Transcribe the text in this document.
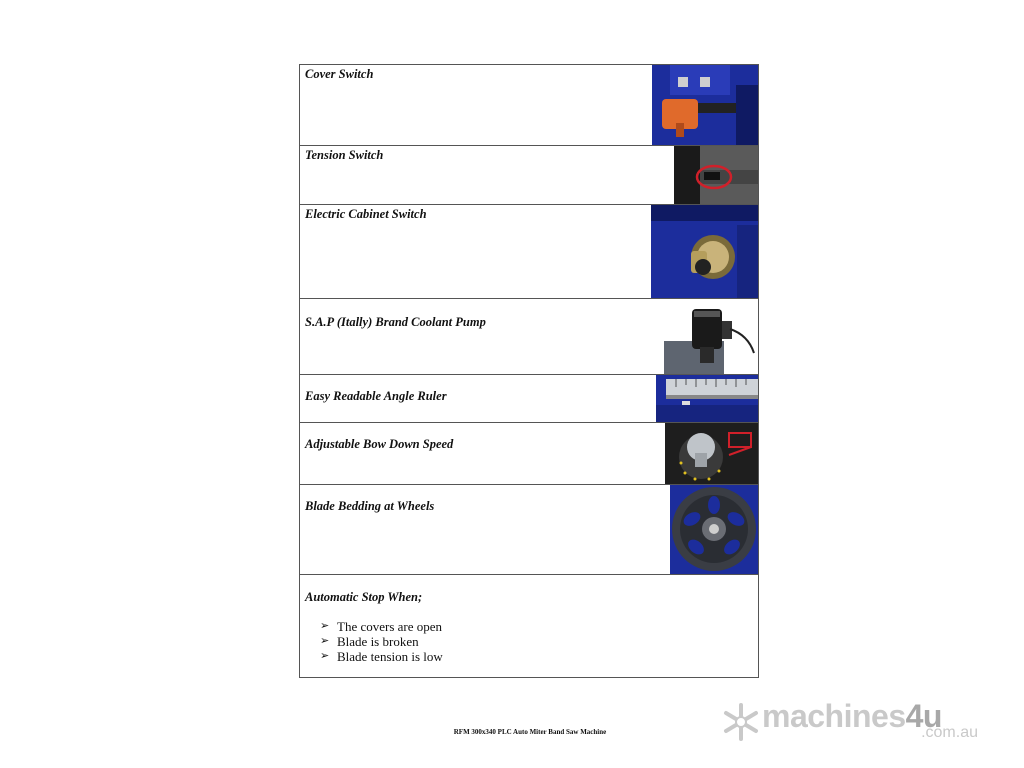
Cover Switch
Tension Switch
Electric Cabinet Switch
S.A.P (Itally) Brand Coolant Pump
Easy Readable Angle Ruler
Adjustable Bow Down Speed
Blade Bedding at Wheels
Automatic Stop When;
➢ The covers are open
➢ Blade is broken
➢ Blade tension is low
RFM 300x340 PLC Auto Miter Band Saw Machine	machines4u
.com.au
